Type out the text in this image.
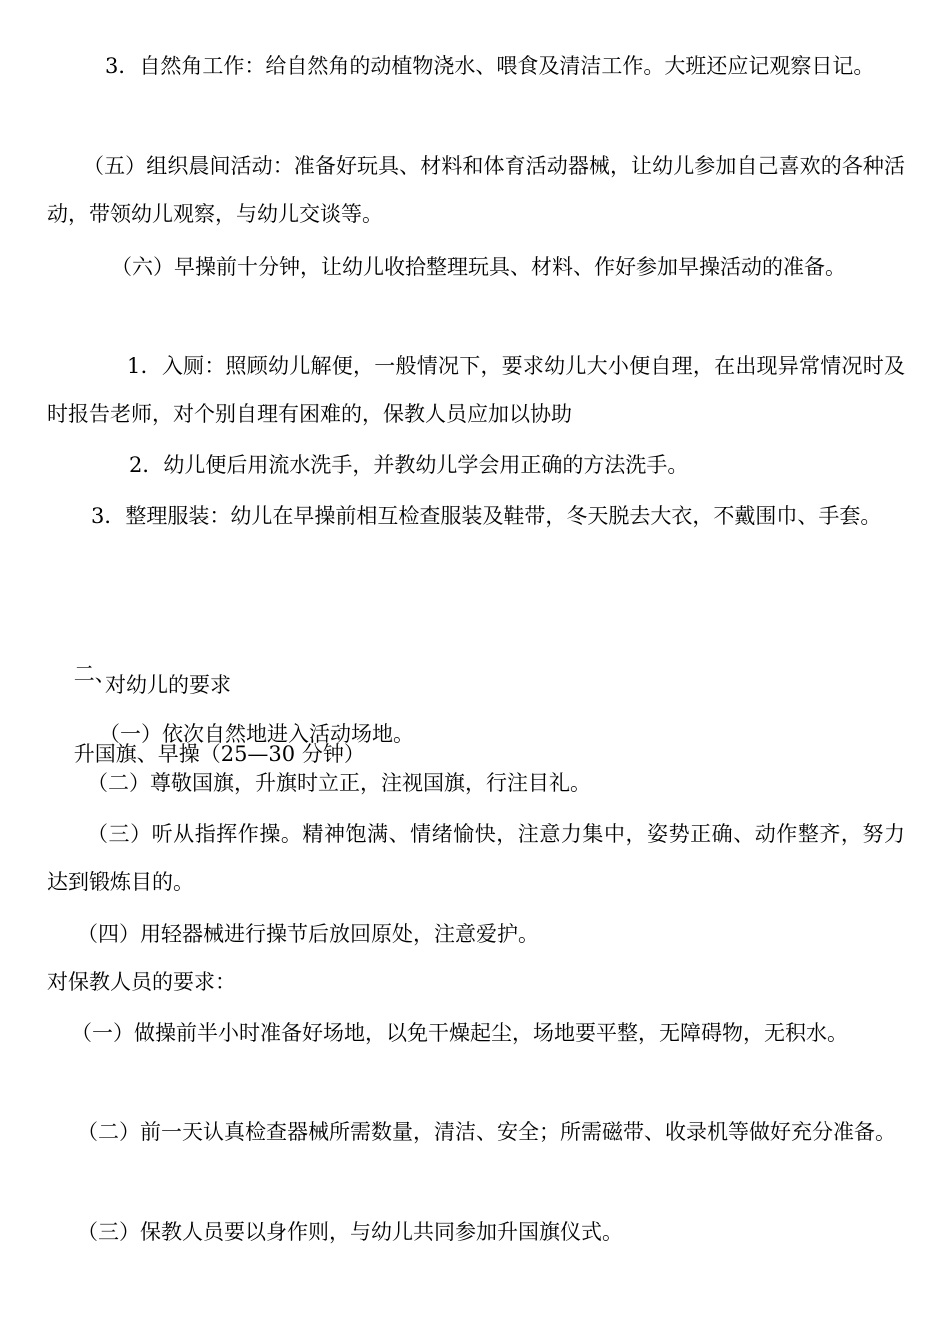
3．自然角工作：给自然角的动植物浇水、喂食及清洁工作。大班还应记观察日记。

（五）组织晨间活动：准备好玩具、材料和体育活动器械，让幼儿参加自己喜欢的各种活动，带领幼儿观察，与幼儿交谈等。

（六）早操前十分钟，让幼儿收拾整理玩具、材料、作好参加早操活动的准备。

1．入厕：照顾幼儿解便，一般情况下，要求幼儿大小便自理，在出现异常情况时及时报告老师，对个别自理有困难的，保教人员应加以协助

2．幼儿便后用流水洗手，并教幼儿学会用正确的方法洗手。

3．整理服装：幼儿在早操前相互检查服装及鞋带，冬天脱去大衣，不戴围巾、手套。

二、

升国旗、早操（25—30 分钟）

对幼儿的要求

（一）依次自然地进入活动场地。

（二）尊敬国旗，升旗时立正，注视国旗，行注目礼。

（三）听从指挥作操。精神饱满、情绪愉快，注意力集中，姿势正确、动作整齐，努力达到锻炼目的。

（四）用轻器械进行操节后放回原处，注意爱护。

对保教人员的要求：

（一）做操前半小时准备好场地，以免干燥起尘，场地要平整，无障碍物，无积水。

（二）前一天认真检查器械所需数量，清洁、安全；所需磁带、收录机等做好充分准备。

（三）保教人员要以身作则，与幼儿共同参加升国旗仪式。
